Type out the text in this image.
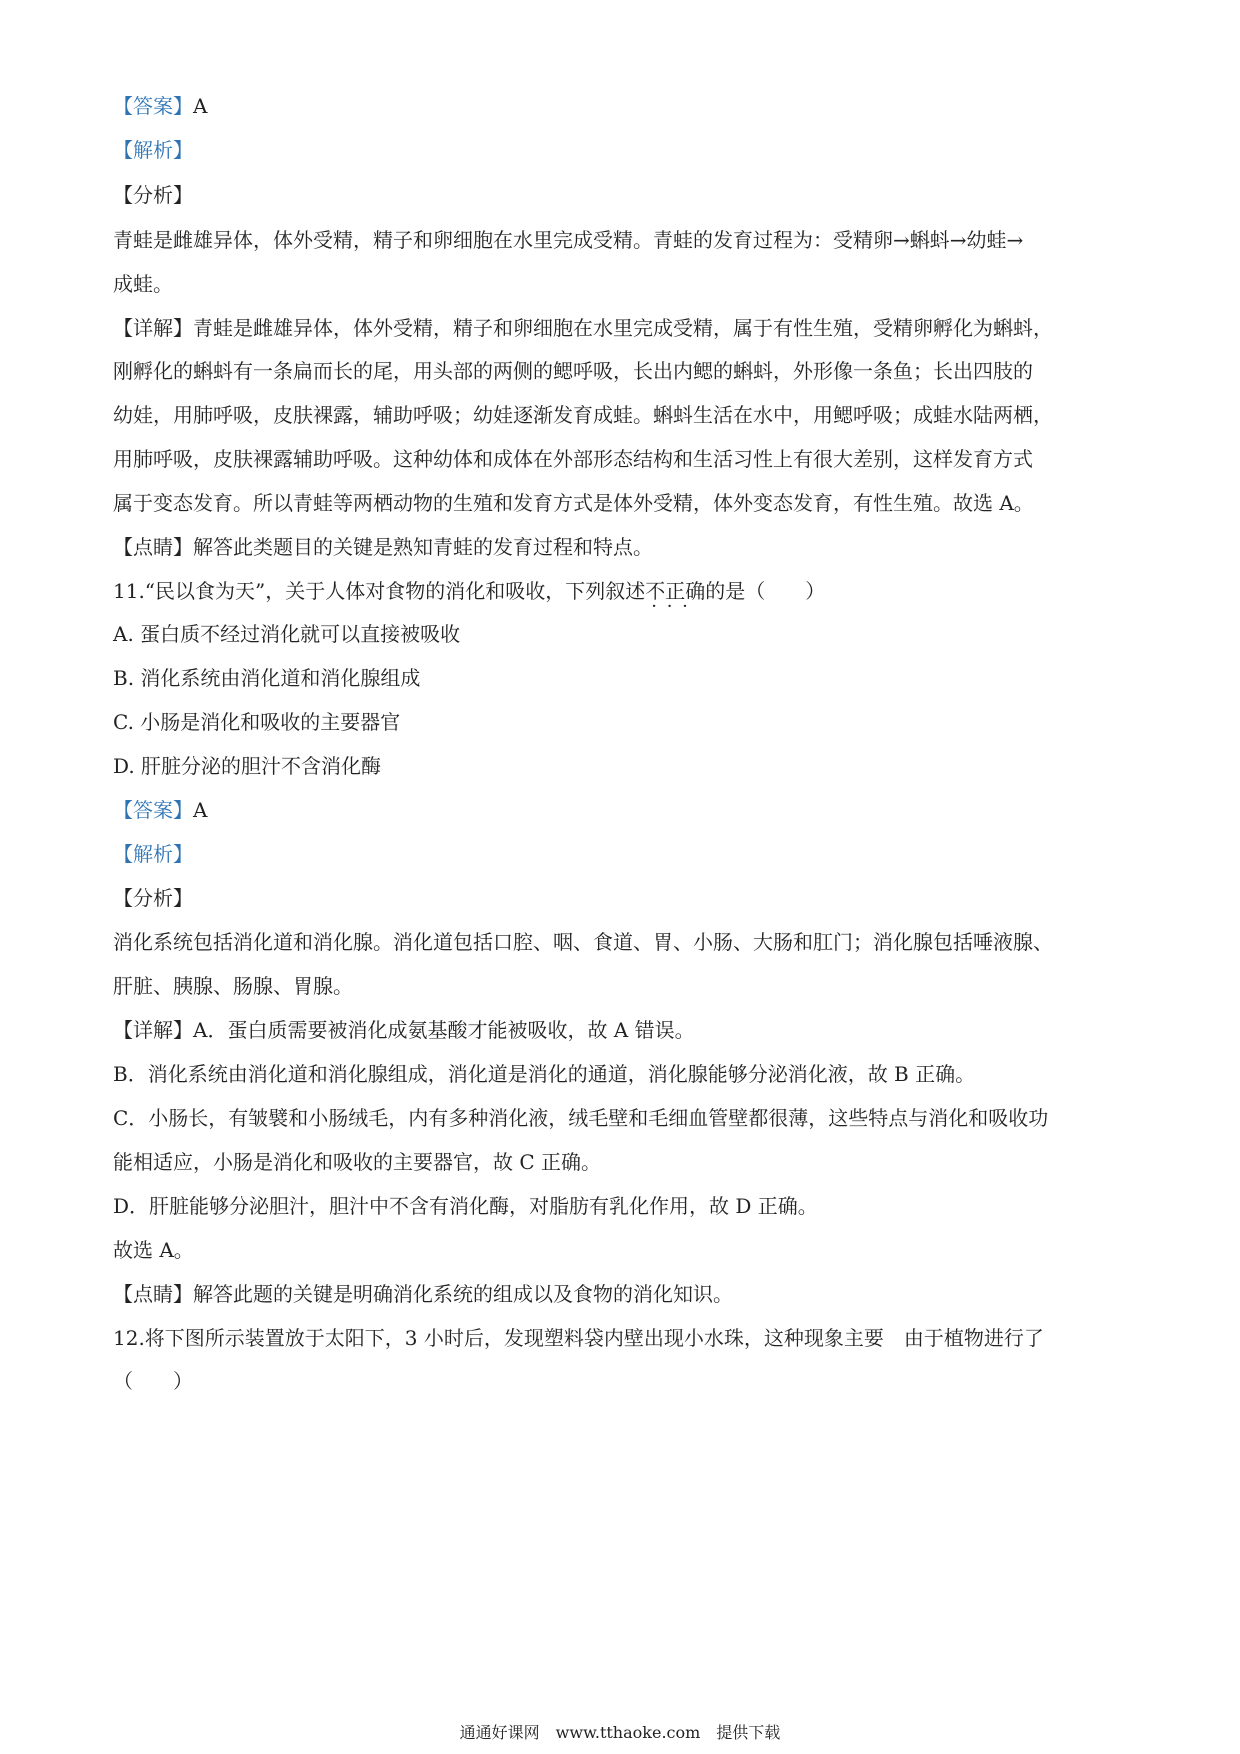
【答案】A
【解析】
【分析】
青蛙是雌雄异体，体外受精，精子和卵细胞在水里完成受精。青蛙的发育过程为：受精卵→蝌蚪→幼蛙→
成蛙。
【详解】青蛙是雌雄异体，体外受精，精子和卵细胞在水里完成受精，属于有性生殖，受精卵孵化为蝌蚪，
刚孵化的蝌蚪有一条扁而长的尾，用头部的两侧的鳃呼吸，长出内鳃的蝌蚪，外形像一条鱼；长出四肢的
幼娃，用肺呼吸，皮肤裸露，辅助呼吸；幼娃逐渐发育成蛙。蝌蚪生活在水中，用鳃呼吸；成蛙水陆两栖，
用肺呼吸，皮肤裸露辅助呼吸。这种幼体和成体在外部形态结构和生活习性上有很大差别，这样发育方式
属于变态发育。所以青蛙等两栖动物的生殖和发育方式是体外受精，体外变态发育，有性生殖。故选 A。
【点睛】解答此类题目的关键是熟知青蛙的发育过程和特点。
11.“民以食为天”，关于人体对食物的消化和吸收，下列叙述不正确 · · ·的是（　　）
A. 蛋白质不经过消化就可以直接被吸收
B. 消化系统由消化道和消化腺组成
C. 小肠是消化和吸收的主要器官
D. 肝脏分泌的胆汁不含消化酶
【答案】A
【解析】
【分析】
消化系统包括消化道和消化腺。消化道包括口腔、咽、食道、胃、小肠、大肠和肛门；消化腺包括唾液腺、
肝脏、胰腺、肠腺、胃腺。
【详解】A．蛋白质需要被消化成氨基酸才能被吸收，故 A 错误。
B．消化系统由消化道和消化腺组成，消化道是消化的通道，消化腺能够分泌消化液，故 B 正确。
C．小肠长，有皱襞和小肠绒毛，内有多种消化液，绒毛壁和毛细血管壁都很薄，这些特点与消化和吸收功
能相适应，小肠是消化和吸收的主要器官，故 C 正确。
D．肝脏能够分泌胆汁，胆汁中不含有消化酶，对脂肪有乳化作用，故 D 正确。
故选 A。
【点睛】解答此题的关键是明确消化系统的组成以及食物的消化知识。
12.将下图所示装置放于太阳下，3 小时后，发现塑料袋内壁出现小水珠，这种现象主要　由于植物进行了
（　　）
通通好课网　www.tthaoke.com　提供下载
